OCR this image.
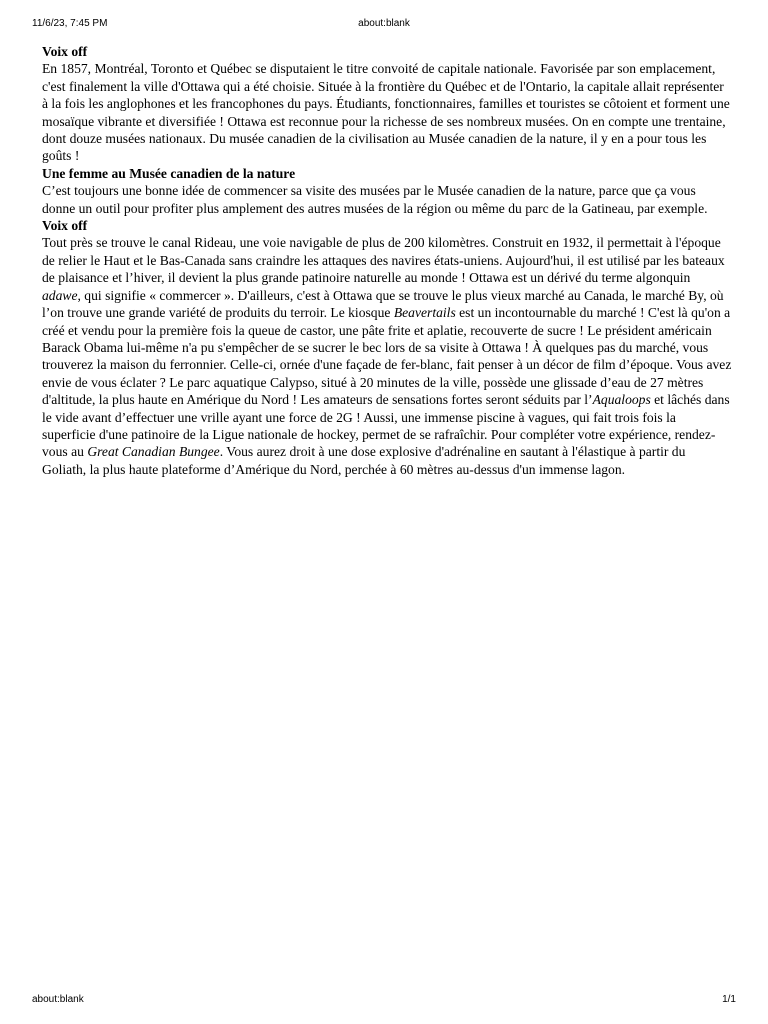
about:blank
11/6/23, 7:45 PM

Voix off

En 1857, Montréal, Toronto et Québec se disputaient le titre convoité de capitale nationale. Favorisée par son emplacement, c'est finalement la ville d'Ottawa qui a été choisie. Située à la frontière du Québec et de l'Ontario, la capitale allait représenter à la fois les anglophones et les francophones du pays. Étudiants, fonctionnaires, familles et touristes se côtoient et forment une mosaïque vibrante et diversifiée ! Ottawa est reconnue pour la richesse de ses nombreux musées. On en compte une trentaine, dont douze musées nationaux. Du musée canadien de la civilisation au Musée canadien de la nature, il y en a pour tous les goûts !

Une femme au Musée canadien de la nature

C’est toujours une bonne idée de commencer sa visite des musées par le Musée canadien de la nature, parce que ça vous donne un outil pour profiter plus amplement des autres musées de la région ou même du parc de la Gatineau, par exemple.

Voix off

Tout près se trouve le canal Rideau, une voie navigable de plus de 200 kilomètres. Construit en 1932, il permettait à l'époque de relier le Haut et le Bas-Canada sans craindre les attaques des navires états-uniens. Aujourd'hui, il est utilisé par les bateaux de plaisance et l’hiver, il devient la plus grande patinoire naturelle au monde ! Ottawa est un dérivé du terme algonquin adawe, qui signifie « commercer ». D'ailleurs, c'est à Ottawa que se trouve le plus vieux marché au Canada, le marché By, où l’on trouve une grande variété de produits du terroir. Le kiosque Beavertails est un incontournable du marché ! C'est là qu'on a créé et vendu pour la première fois la queue de castor, une pâte frite et aplatie, recouverte de sucre ! Le président américain Barack Obama lui-même n'a pu s'empêcher de se sucrer le bec lors de sa visite à Ottawa ! À quelques pas du marché, vous trouverez la maison du ferronnier. Celle-ci, ornée d'une façade de fer-blanc, fait penser à un décor de film d’époque. Vous avez envie de vous éclater ? Le parc aquatique Calypso, situé à 20 minutes de la ville, possède une glissade d’eau de 27 mètres d'altitude, la plus haute en Amérique du Nord ! Les amateurs de sensations fortes seront séduits par l’Aqualoops et lâchés dans le vide avant d’effectuer une vrille ayant une force de 2G ! Aussi, une immense piscine à vagues, qui fait trois fois la superficie d'une patinoire de la Ligue nationale de hockey, permet de se rafraîchir. Pour compléter votre expérience, rendez-vous au Great Canadian Bungee. Vous aurez droit à une dose explosive d'adrénaline en sautant à l'élastique à partir du Goliath, la plus haute plateforme d’Amérique du Nord, perchée à 60 mètres au-dessus d'un immense lagon.

about:blank	1/1
